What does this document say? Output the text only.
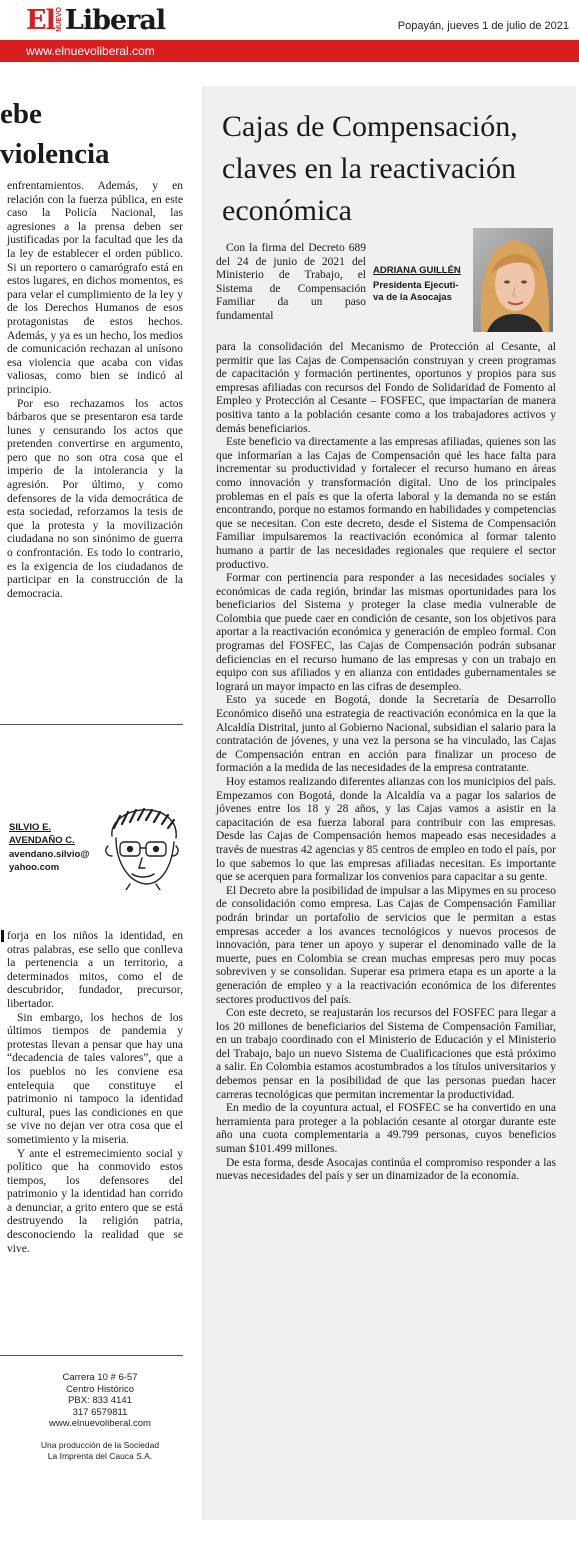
El NUEVO Liberal	Popayán, jueves 1 de julio de 2021
www.elnuevoliberal.com
ebe
violencia

enfrentamientos. Además, y en relación con la fuerza pública, en este caso la Policía Nacional, las agresiones a la prensa deben ser justificadas por la facultad que les da la ley de establecer el orden público. Si un reportero o camarógrafo está en estos lugares, en dichos momentos, es para velar el cumplimiento de la ley y de los Derechos Humanos de esos protagonistas de estos hechos. Además, y ya es un hecho, los medios de comunicación rechazan al unísono esa violencia que acaba con vidas valiosas, como bien se indicó al principio.

Por eso rechazamos los actos bárbaros que se presentaron esa tarde lunes y censurando los actos que pretenden convertirse en argumento, pero que no son otra cosa que el imperio de la intolerancia y la agresión. Por último, y como defensores de la vida democrática de esta sociedad, reforzamos la tesis de que la protesta y la movilización ciudadana no son sinónimo de guerra o confrontación. Es todo lo contrario, es la exigencia de los ciudadanos de participar en la construcción de la democracia.

SILVIO E.
AVENDAÑO C.
avendano.silvio@
yahoo.com

forja en los niños la identidad, en otras palabras, ese sello que conlleva la pertenencia a un territorio, a determinados mitos, como el de descubridor, fundador, precursor, libertador.

Sin embargo, los hechos de los últimos tiempos de pandemia y protestas llevan a pensar que hay una “decadencia de tales valores”, que a los pueblos no les conviene esa entelequia que constituye el patrimonio ni tampoco la identidad cultural, pues las condiciones en que se vive no dejan ver otra cosa que el sometimiento y la miseria.

Y ante el estremecimiento social y político que ha conmovido estos tiempos, los defensores del patrimonio y la identidad han corrido a denunciar, a grito entero que se está destruyendo la religión patria, desconociendo la realidad que se vive.

Carrera 10 # 6-57
Centro Histórico
PBX: 833 4141
317 6579811
www.elnuevoliberal.com
Una producción de la Sociedad
La Imprenta del Cauca S.A.
Cajas de Compensación,
claves en la reactivación
económica

Con la firma del Decreto 689 del 24 de junio de 2021 del Ministerio de Trabajo, el Sistema de Compensación Familiar da un paso fundamental

ADRIANA GUILLÉN
Presidenta Ejecuti-
va de la Asocajas

para la consolidación del Mecanismo de Protección al Cesante, al permitir que las Cajas de Compensación construyan y creen programas de capacitación y formación pertinentes, oportunos y propios para sus empresas afiliadas con recursos del Fondo de Solidaridad de Fomento al Empleo y Protección al Cesante – FOSFEC, que impactarían de manera positiva tanto a la población cesante como a los trabajadores activos y demás beneficiarios.

Este beneficio va directamente a las empresas afiliadas, quienes son las que informarían a las Cajas de Compensación qué les hace falta para incrementar su productividad y fortalecer el recurso humano en áreas como innovación y transformación digital. Uno de los principales problemas en el país es que la oferta laboral y la demanda no se están encontrando, porque no estamos formando en habilidades y competencias que se necesitan. Con este decreto, desde el Sistema de Compensación Familiar impulsaremos la reactivación económica al formar talento humano a partir de las necesidades regionales que requiere el sector productivo.

Formar con pertinencia para responder a las necesidades sociales y económicas de cada región, brindar las mismas oportunidades para los beneficiarios del Sistema y proteger la clase media vulnerable de Colombia que puede caer en condición de cesante, son los objetivos para aportar a la reactivación económica y generación de empleo formal. Con programas del FOSFEC, las Cajas de Compensación podrán subsanar deficiencias en el recurso humano de las empresas y con un trabajo en equipo con sus afiliados y en alianza con entidades gubernamentales se logrará un mayor impacto en las cifras de desempleo.

Esto ya sucede en Bogotá, donde la Secretaría de Desarrollo Económico diseñó una estrategia de reactivación económica en la que la Alcaldía Distrital, junto al Gobierno Nacional, subsidian el salario para la contratación de jóvenes, y una vez la persona se ha vinculado, las Cajas de Compensación entran en acción para finalizar un proceso de formación a la medida de las necesidades de la empresa contratante.

Hoy estamos realizando diferentes alianzas con los municipios del país. Empezamos con Bogotá, donde la Alcaldía va a pagar los salarios de jóvenes entre los 18 y 28 años, y las Cajas vamos a asistir en la capacitación de esa fuerza laboral para contribuir con las empresas. Desde las Cajas de Compensación hemos mapeado esas necesidades a través de nuestras 42 agencias y 85 centros de empleo en todo el país, por lo que sabemos lo que las empresas afiliadas necesitan. Es importante que se acerquen para formalizar los convenios para capacitar a su gente.

El Decreto abre la posibilidad de impulsar a las Mipymes en su proceso de consolidación como empresa. Las Cajas de Compensación Familiar podrán brindar un portafolio de servicios que le permitan a estas empresas acceder a los avances tecnológicos y nuevos procesos de innovación, para tener un apoyo y superar el denominado valle de la muerte, pues en Colombia se crean muchas empresas pero muy pocas sobreviven y se consolidan. Superar esa primera etapa es un aporte a la generación de empleo y a la reactivación económica de los diferentes sectores productivos del país.

Con este decreto, se reajustarán los recursos del FOSFEC para llegar a los 20 millones de beneficiarios del Sistema de Compensación Familiar, en un trabajo coordinado con el Ministerio de Educación y el Ministerio del Trabajo, bajo un nuevo Sistema de Cualificaciones que está próximo a salir. En Colombia estamos acostumbrados a los títulos universitarios y debemos pensar en la posibilidad de que las personas puedan hacer carreras tecnológicas que permitan incrementar la productividad.

En medio de la coyuntura actual, el FOSFEC se ha convertido en una herramienta para proteger a la población cesante al otorgar durante este año una cuota complementaria a 49.799 personas, cuyos beneficios suman $101.499 millones.

De esta forma, desde Asocajas continúa el compromiso responder a las nuevas necesidades del país y ser un dinamizador de la economía.
